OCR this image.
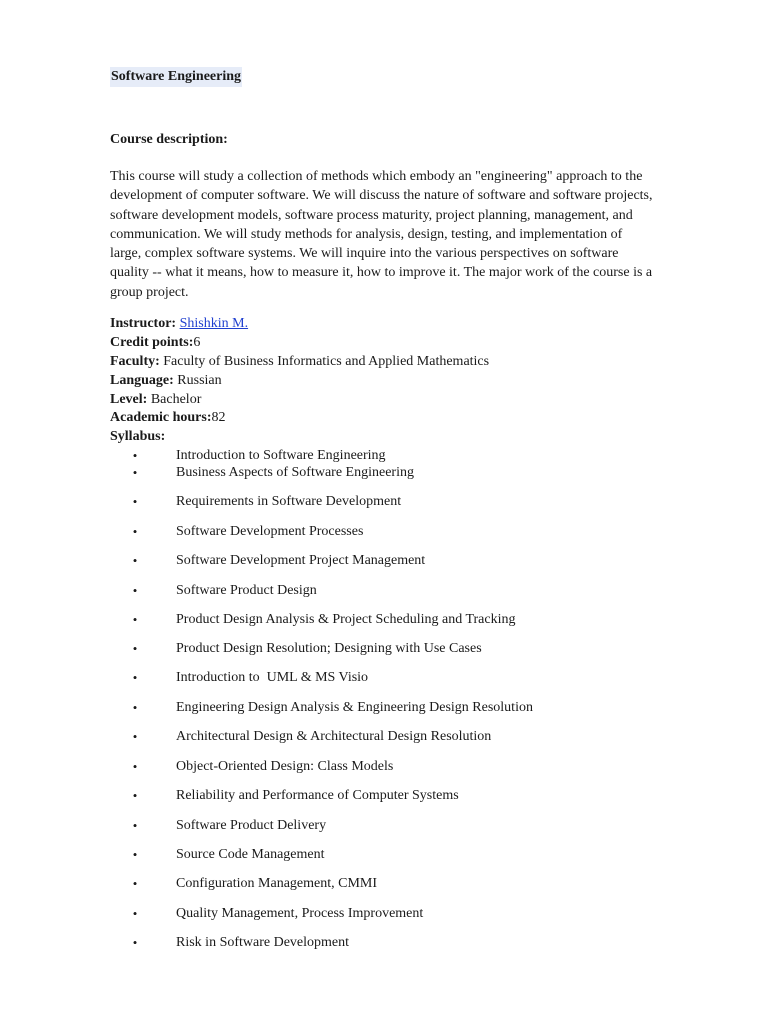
Software Engineering
Course description:
This course will study a collection of methods which embody an "engineering" approach to the
development of computer software. We will discuss the nature of software and software projects,
software development models, software process maturity, project planning, management, and
communication. We will study methods for analysis, design, testing, and implementation of
large, complex software systems. We will inquire into the various perspectives on software
quality -- what it means, how to measure it, how to improve it. The major work of the course is a
group project.
Instructor: Shishkin M.
Credit points:6
Faculty: Faculty of Business Informatics and Applied Mathematics
Language: Russian
Level: Bachelor
Academic hours:82
Syllabus:
•	Introduction to Software Engineering
•	Business Aspects of Software Engineering
•	Requirements in Software Development
•	Software Development Processes
•	Software Development Project Management
•	Software Product Design
•	Product Design Analysis & Project Scheduling and Tracking
•	Product Design Resolution; Designing with Use Cases
•	Introduction to  UML & MS Visio
•	Engineering Design Analysis & Engineering Design Resolution
•	Architectural Design & Architectural Design Resolution
•	Object-Oriented Design: Class Models
•	Reliability and Performance of Computer Systems
•	Software Product Delivery
•	Source Code Management
•	Configuration Management, CMMI
•	Quality Management, Process Improvement
•	Risk in Software Development
